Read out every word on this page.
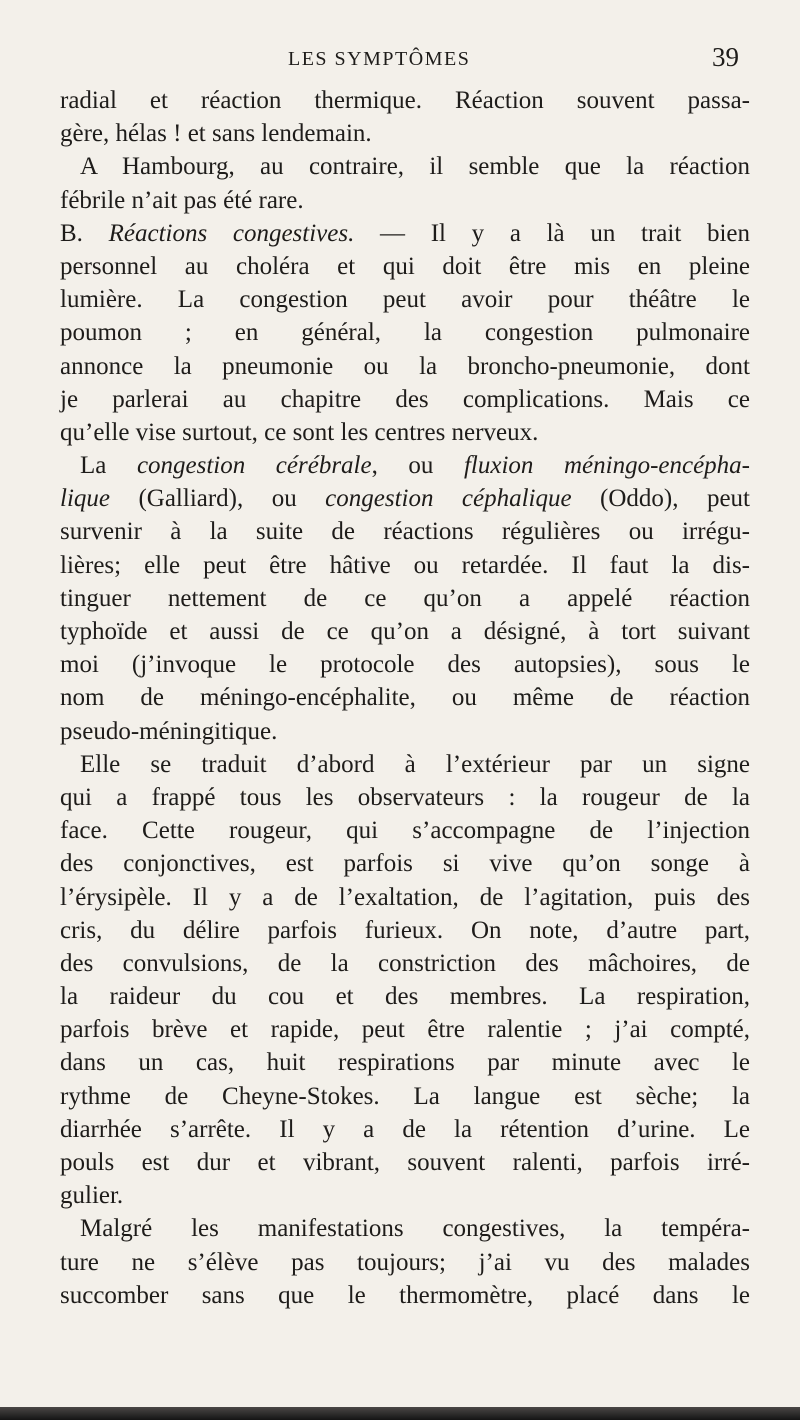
LES SYMPTÔMES	39
radial et réaction thermique. Réaction souvent passa-
gère, hélas ! et sans lendemain.
A Hambourg, au contraire, il semble que la réaction
fébrile n’ait pas été rare.
B. Réactions congestives. — Il y a là un trait bien
personnel au choléra et qui doit être mis en pleine
lumière. La congestion peut avoir pour théâtre le
poumon ; en général, la congestion pulmonaire
annonce la pneumonie ou la broncho-pneumonie, dont
je parlerai au chapitre des complications. Mais ce
qu’elle vise surtout, ce sont les centres nerveux.
La congestion cérébrale, ou fluxion méningo-encépha-
lique (Galliard), ou congestion céphalique (Oddo), peut
survenir à la suite de réactions régulières ou irrégu-
lières; elle peut être hâtive ou retardée. Il faut la dis-
tinguer nettement de ce qu’on a appelé réaction
typhoïde et aussi de ce qu’on a désigné, à tort suivant
moi (j’invoque le protocole des autopsies), sous le
nom de méningo-encéphalite, ou même de réaction
pseudo-méningitique.
Elle se traduit d’abord à l’extérieur par un signe
qui a frappé tous les observateurs : la rougeur de la
face. Cette rougeur, qui s’accompagne de l’injection
des conjonctives, est parfois si vive qu’on songe à
l’érysipèle. Il y a de l’exaltation, de l’agitation, puis des
cris, du délire parfois furieux. On note, d’autre part,
des convulsions, de la constriction des mâchoires, de
la raideur du cou et des membres. La respiration,
parfois brève et rapide, peut être ralentie ; j’ai compté,
dans un cas, huit respirations par minute avec le
rythme de Cheyne-Stokes. La langue est sèche; la
diarrhée s’arrête. Il y a de la rétention d’urine. Le
pouls est dur et vibrant, souvent ralenti, parfois irré-
gulier.
Malgré les manifestations congestives, la tempéra-
ture ne s’élève pas toujours; j’ai vu des malades
succomber sans que le thermomètre, placé dans le
